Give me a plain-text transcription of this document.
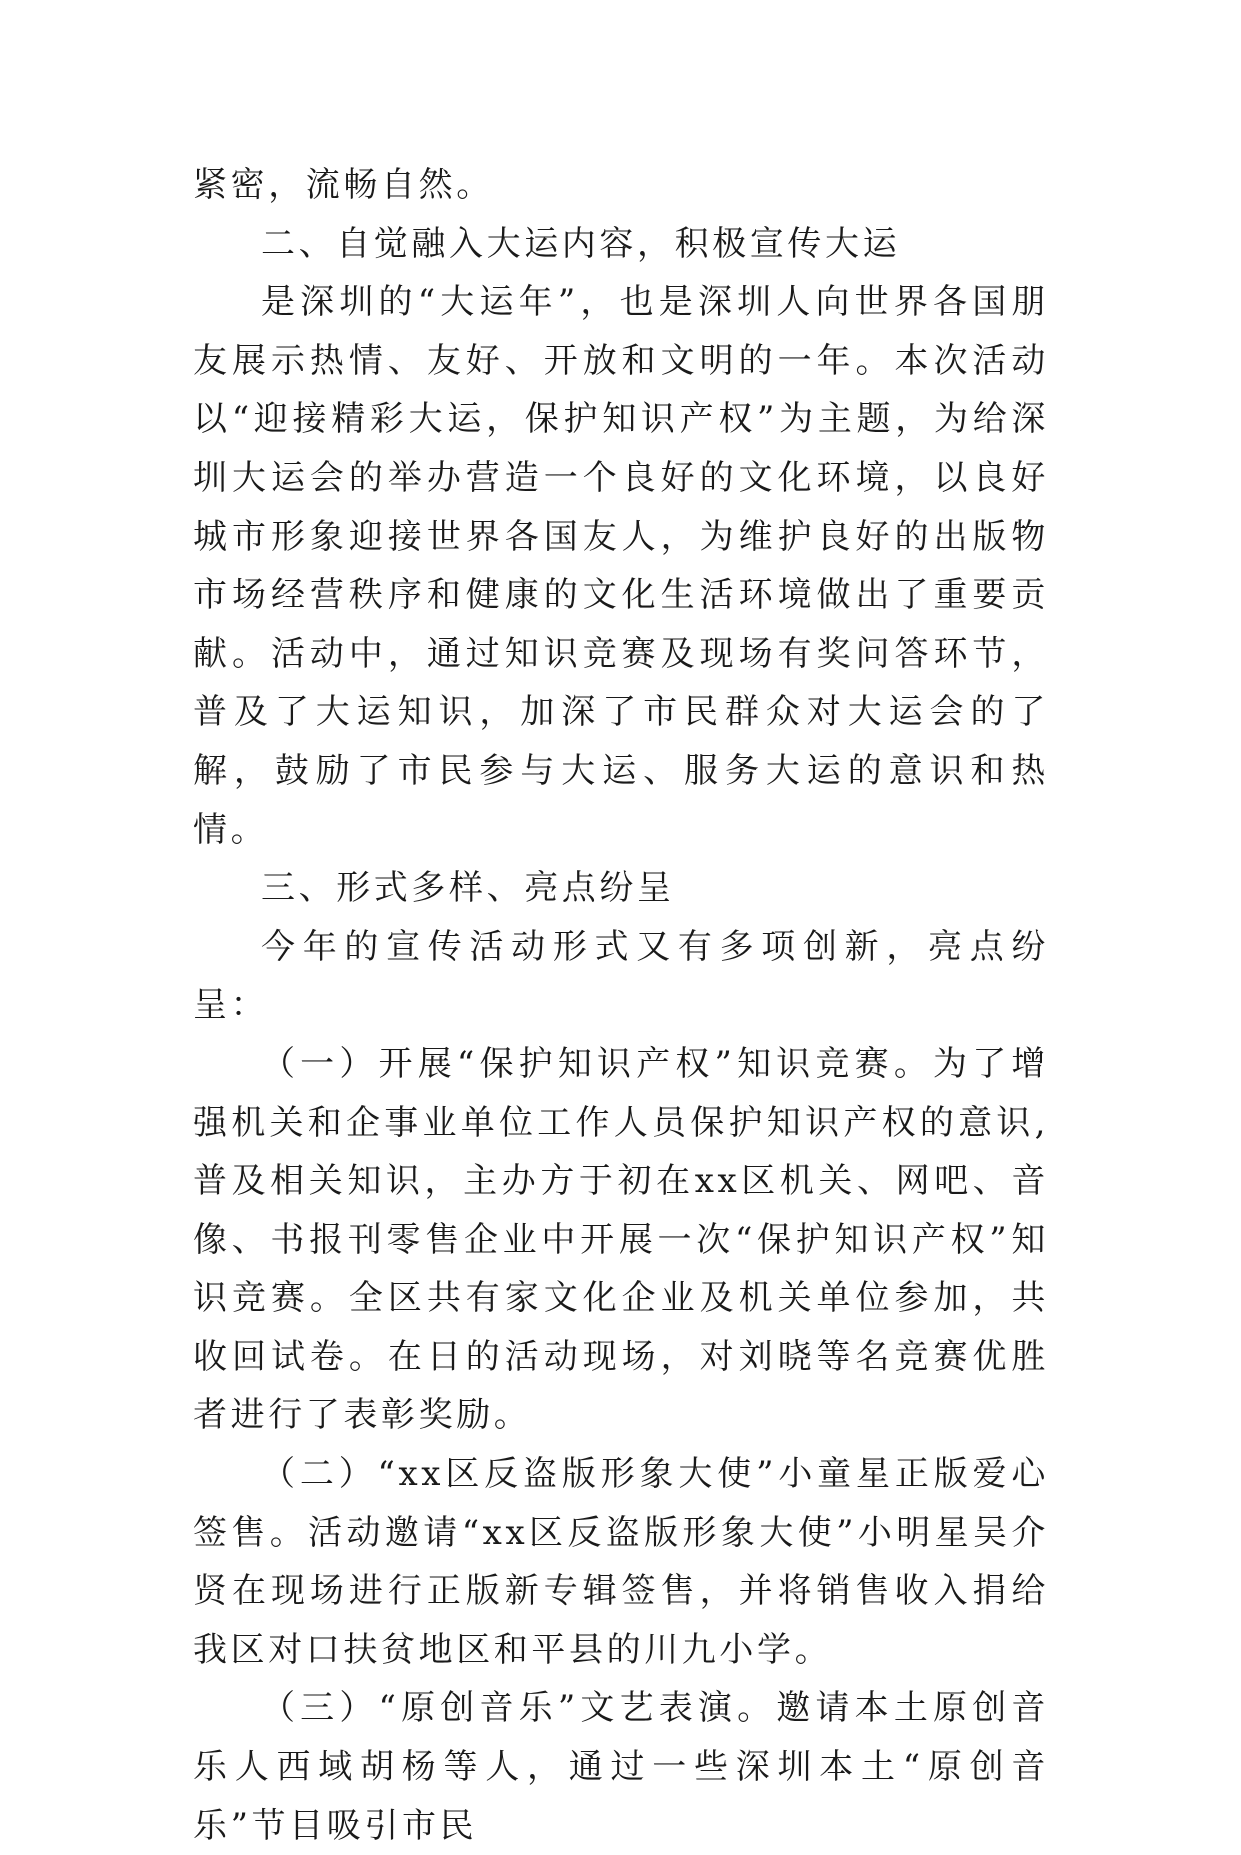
紧密，流畅自然。

二、自觉融入大运内容，积极宣传大运

是深圳的“大运年”，也是深圳人向世界各国朋友展示热情、友好、开放和文明的一年。本次活动以“迎接精彩大运，保护知识产权”为主题，为给深圳大运会的举办营造一个良好的文化环境，以良好城市形象迎接世界各国友人，为维护良好的出版物市场经营秩序和健康的文化生活环境做出了重要贡献。活动中，通过知识竞赛及现场有奖问答环节，普及了大运知识，加深了市民群众对大运会的了解，鼓励了市民参与大运、服务大运的意识和热情。

三、形式多样、亮点纷呈

今年的宣传活动形式又有多项创新，亮点纷呈：

（一）开展“保护知识产权”知识竞赛。为了增强机关和企事业单位工作人员保护知识产权的意识,普及相关知识，主办方于初在xx区机关、网吧、音像、书报刊零售企业中开展一次“保护知识产权”知识竞赛。全区共有家文化企业及机关单位参加，共收回试卷。在日的活动现场，对刘晓等名竞赛优胜者进行了表彰奖励。

（二）“xx区反盗版形象大使”小童星正版爱心签售。活动邀请“xx区反盗版形象大使”小明星吴介贤在现场进行正版新专辑签售，并将销售收入捐给我区对口扶贫地区和平县的川九小学。

（三）“原创音乐”文艺表演。邀请本土原创音乐人西域胡杨等人，通过一些深圳本土“原创音乐”节目吸引市民
